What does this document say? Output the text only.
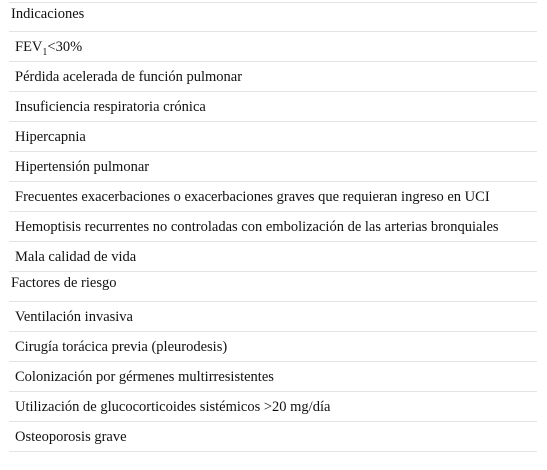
Indicaciones
$FEV_1<30\%$
Pérdida acelerada de función pulmonar
Insuficiencia respiratoria crónica
Hipercapnia
Hipertensión pulmonar
Frecuentes exacerbaciones o exacerbaciones graves que requieran ingreso en UCI
Hemoptisis recurrentes no controladas con embolización de las arterias bronquiales
Mala calidad de vida
Factores de riesgo
Ventilación invasiva
Cirugía torácica previa (pleurodesis)
Colonización por gérmenes multirresistentes
Utilización de glucocorticoides sistémicos >20 mg/día
Osteoporosis grave
